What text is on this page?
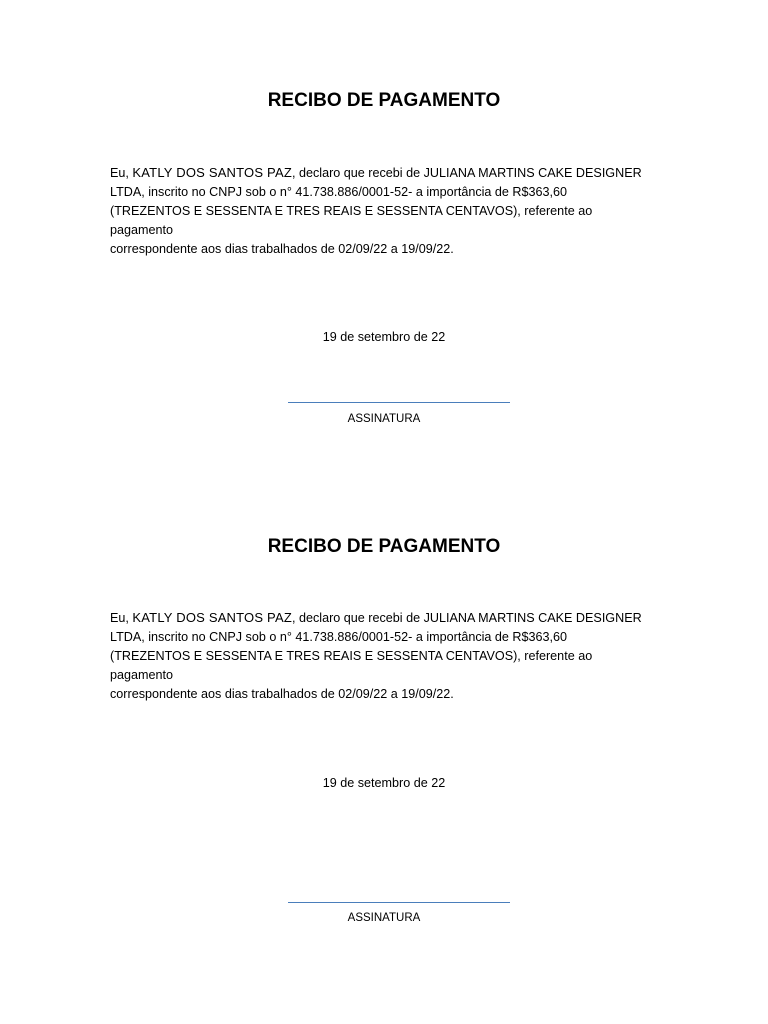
RECIBO DE PAGAMENTO
Eu, KATLY DOS SANTOS PAZ, declaro que recebi de JULIANA MARTINS CAKE DESIGNER
LTDA, inscrito no CNPJ sob o n° 41.738.886/0001-52- a importância de R$363,60
(TREZENTOS E SESSENTA E TRES REAIS E SESSENTA CENTAVOS), referente ao pagamento
correspondente aos dias trabalhados de 02/09/22 a 19/09/22.
19 de setembro de 22
ASSINATURA
RECIBO DE PAGAMENTO
Eu, KATLY DOS SANTOS PAZ, declaro que recebi de JULIANA MARTINS CAKE DESIGNER
LTDA, inscrito no CNPJ sob o n° 41.738.886/0001-52- a importância de R$363,60
(TREZENTOS E SESSENTA E TRES REAIS E SESSENTA CENTAVOS), referente ao pagamento
correspondente aos dias trabalhados de 02/09/22 a 19/09/22.
19 de setembro de 22
ASSINATURA
